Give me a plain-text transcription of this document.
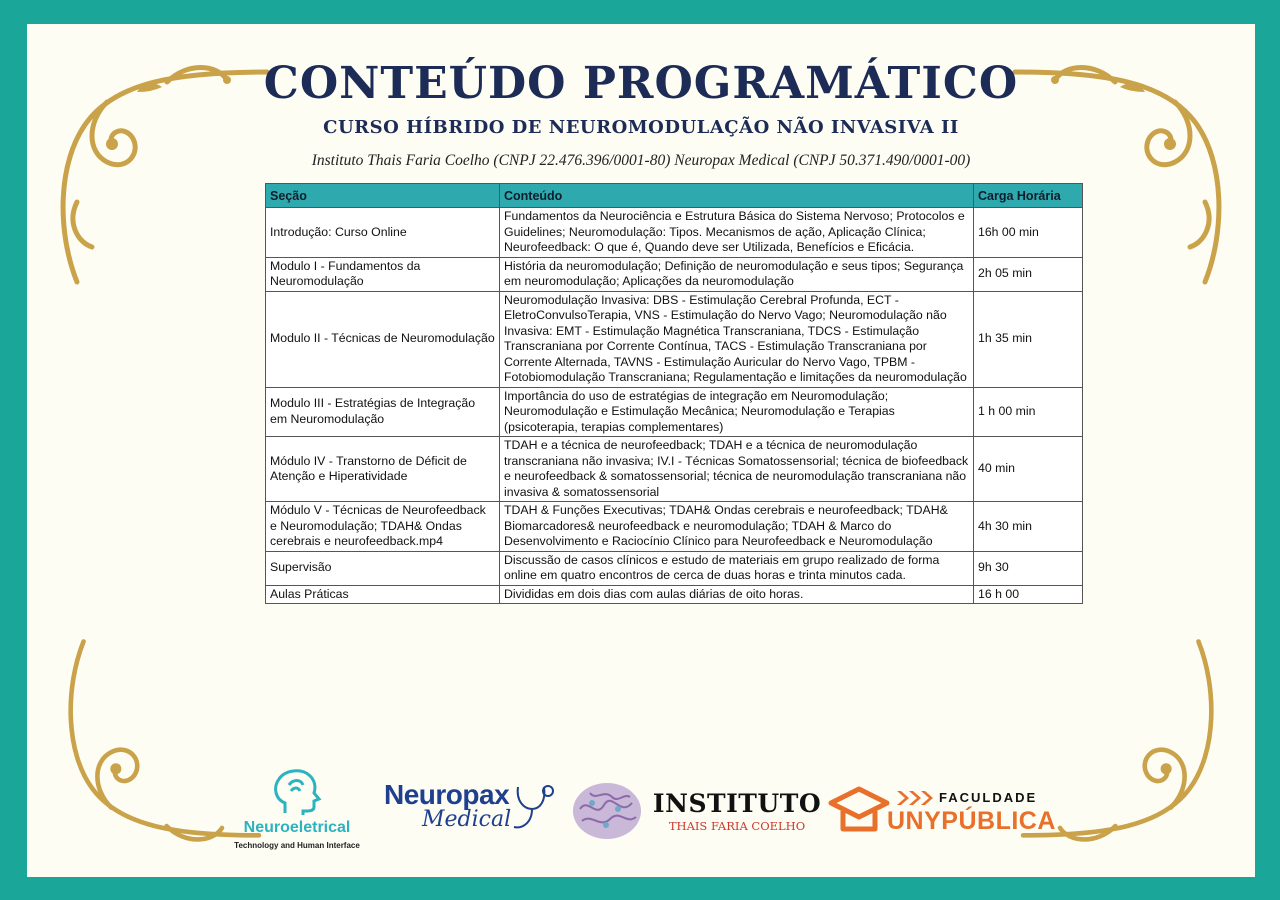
CONTEÚDO PROGRAMÁTICO
CURSO HÍBRIDO DE NEUROMODULAÇÃO NÃO INVASIVA II

Instituto Thais Faria Coelho (CNPJ 22.476.396/0001-80) Neuropax Medical (CNPJ 50.371.490/0001-00)

Seção	Conteúdo	Carga Horária
Introdução: Curso Online	Fundamentos da Neurociência e Estrutura Básica do Sistema Nervoso; Protocolos e Guidelines; Neuromodulação: Tipos. Mecanismos de ação, Aplicação Clínica; Neurofeedback: O que é, Quando deve ser Utilizada, Benefícios e Eficácia.	16h 00 min
Modulo I - Fundamentos da Neuromodulação	História da neuromodulação; Definição de neuromodulação e seus tipos; Segurança em neuromodulação; Aplicações da neuromodulação	2h 05 min
Modulo II - Técnicas de Neuromodulação	Neuromodulação Invasiva: DBS - Estimulação Cerebral Profunda, ECT - EletroConvulsoTerapia, VNS - Estimulação do Nervo Vago; Neuromodulação não Invasiva: EMT - Estimulação Magnética Transcraniana, TDCS - Estimulação Transcraniana por Corrente Contínua, TACS - Estimulação Transcraniana por Corrente Alternada, TAVNS - Estimulação Auricular do Nervo Vago, TPBM - Fotobiomodulação Transcraniana; Regulamentação e limitações da neuromodulação	1h 35 min
Modulo III - Estratégias de Integração em Neuromodulação	Importância do uso de estratégias de integração em Neuromodulação; Neuromodulação e Estimulação Mecânica; Neuromodulação e Terapias (psicoterapia, terapias complementares)	1 h 00 min
Módulo IV - Transtorno de Déficit de Atenção e Hiperatividade	TDAH e a técnica de neurofeedback; TDAH e a técnica de neuromodulação transcraniana não invasiva; IV.I - Técnicas Somatossensorial; técnica de biofeedback e neurofeedback & somatossensorial; técnica de neuromodulação transcraniana não invasiva & somatossensorial	40 min
Módulo V - Técnicas de Neurofeedback e Neuromodulação; TDAH& Ondas cerebrais e neurofeedback.mp4	TDAH & Funções Executivas; TDAH& Ondas cerebrais e neurofeedback; TDAH& Biomarcadores& neurofeedback e neuromodulação; TDAH & Marco do Desenvolvimento e Raciocínio Clínico para Neurofeedback e Neuromodulação	4h 30 min
Supervisão	Discussão de casos clínicos e estudo de materiais em grupo realizado de forma online em quatro encontros de cerca de duas horas e trinta minutos cada.	9h 30
Aulas Práticas	Divididas em dois dias com aulas diárias de oito horas.	16 h 00
Neuroeletrical
Technology and Human Interface
Neuropax
Medical
INSTITUTO
THAIS FARIA COELHO
FACULDADE
UNYPÚBLICA
